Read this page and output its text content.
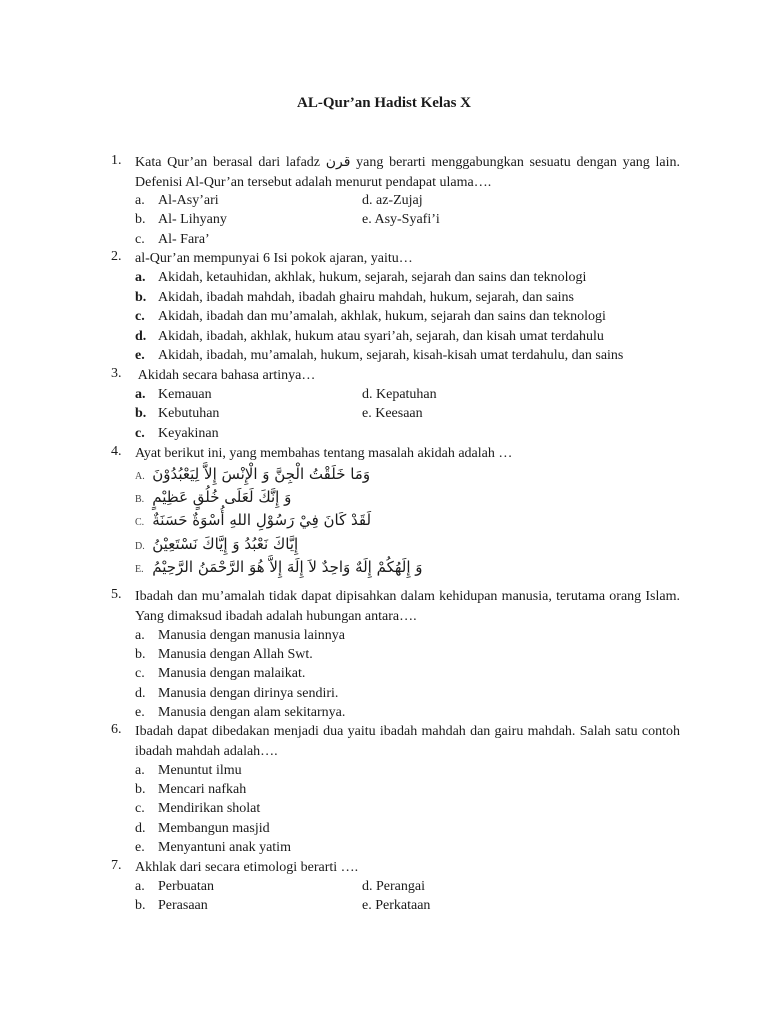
AL-Qur’an Hadist Kelas X
1. Kata Qur’an berasal dari lafadz قرن yang berarti menggabungkan sesuatu dengan yang lain. Defenisi Al-Qur’an tersebut adalah menurut pendapat ulama….
a. Al-Asy’ari	d. az-Zujaj
b. Al- Lihyany	e. Asy-Syafi’i
c. Al- Fara’
2. al-Qur’an mempunyai 6 Isi pokok ajaran, yaitu…
a. Akidah, ketauhidan, akhlak, hukum, sejarah, sejarah dan sains dan teknologi
b. Akidah, ibadah mahdah, ibadah ghairu mahdah, hukum, sejarah, dan sains
c. Akidah, ibadah dan mu’amalah, akhlak, hukum, sejarah dan sains dan teknologi
d. Akidah, ibadah, akhlak, hukum atau syari’ah, sejarah, dan kisah umat terdahulu
e. Akidah, ibadah, mu’amalah, hukum, sejarah, kisah-kisah umat terdahulu, dan sains
3. Akidah secara bahasa artinya…
a. Kemauan	d. Kepatuhan
b. Kebutuhan	e. Keesaan
c. Keyakinan
4. Ayat berikut ini, yang membahas tentang masalah akidah adalah …
A. وَمَا خَلَقْتُ الْجِنَّ وَ الْإِنْسَ إِلاَّ لِيَعْبُدُوْنَ
B. وَ إِنَّكَ لَعَلَى خُلُقٍ عَظِيْمٍ
C. لَقَدْ كَانَ فِيْ رَسُوْلِ اللهِ أُسْوَةٌ حَسَنَةٌ
D. إِيَّاكَ نَعْبُدُ وَ إِيَّاكَ نَسْتَعِيْنُ
E. وَ إِلَهُكُمْ إِلَهٌ وَاحِدٌ لاَ إِلَهَ إِلاَّ هُوَ الرَّحْمَنُ الرَّحِيْمُ
5. Ibadah dan mu’amalah tidak dapat dipisahkan dalam kehidupan manusia, terutama orang Islam. Yang dimaksud ibadah adalah hubungan antara….
a. Manusia dengan manusia lainnya
b. Manusia dengan Allah Swt.
c. Manusia dengan malaikat.
d. Manusia dengan dirinya sendiri.
e. Manusia dengan alam sekitarnya.
6. Ibadah dapat dibedakan menjadi dua yaitu ibadah mahdah dan gairu mahdah. Salah satu contoh ibadah mahdah adalah….
a. Menuntut ilmu
b. Mencari nafkah
c. Mendirikan sholat
d. Membangun masjid
e. Menyantuni anak yatim
7. Akhlak dari secara etimologi berarti ….
a. Perbuatan	d. Perangai
b. Perasaan	e. Perkataan
